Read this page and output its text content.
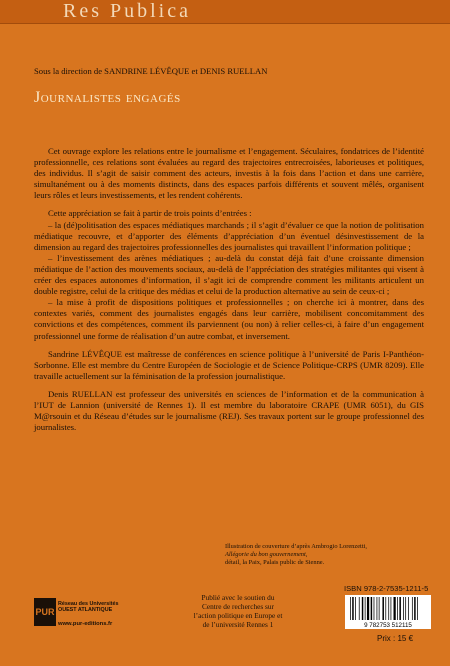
Res Publica
Sous la direction de SANDRINE LÉVÊQUE et DENIS RUELLAN
Journalistes engagés

Cet ouvrage explore les relations entre le journalisme et l’engagement. Séculaires, fondatrices de l’identité professionnelle, ces relations sont évaluées au regard des trajectoires entrecroisées, laborieuses et politiques, des individus. Il s’agit de saisir comment des acteurs, investis à la fois dans l’action et dans une carrière, simultanément ou à des moments distincts, dans des espaces parfois différents et souvent mêlés, organisent leurs rôles et leurs investissements, et les rendent cohérents.

Cette appréciation se fait à partir de trois points d’entrées :

– la (dé)politisation des espaces médiatiques marchands ; il s’agit d’évaluer ce que la notion de politisation médiatique recouvre, et d’apporter des éléments d’appréciation d’un éventuel désinvestissement de la dimension au regard des trajectoires professionnelles des journalistes qui travaillent l’information politique ;

– l’investissement des arènes médiatiques ; au-delà du constat déjà fait d’une croissante dimension médiatique de l’action des mouvements sociaux, au-delà de l’appréciation des stratégies militantes qui visent à créer des espaces autonomes d’information, il s’agit ici de comprendre comment les militants articulent un double registre, celui de la critique des médias et celui de la production alternative au sein de ceux-ci ;

– la mise à profit de dispositions politiques et professionnelles ; on cherche ici à montrer, dans des contextes variés, comment des journalistes engagés dans leur carrière, mobilisent concomitamment des convictions et des compétences, comment ils parviennent (ou non) à relier celles-ci, à faire d’un engagement professionnel une forme de réalisation d’un autre combat, et inversement.

Sandrine LÉVÊQUE est maîtresse de conférences en science politique à l’université de Paris I-Panthéon-Sorbonne. Elle est membre du Centre Européen de Sociologie et de Science Politique-CRPS (UMR 8209). Elle travaille actuellement sur la féminisation de la profession journalistique.

Denis RUELLAN est professeur des universités en sciences de l’information et de la communication à l’IUT de Lannion (université de Rennes 1). Il est membre du laboratoire CRAPE (UMR 6051), du GIS M@rsouin et du Réseau d’études sur le journalisme (REJ). Ses travaux portent sur le groupe professionnel des journalistes.

Illustration de couverture d’après Ambrogio Lorenzetti,
Allégorie du bon gouvernement,
détail, la Paix, Palais public de Sienne.
PUR
Réseau des Universités
OUEST ATLANTIQUE
www.pur-editions.fr
Publié avec le soutien du
Centre de recherches sur
l’action politique en Europe et
de l’université Rennes 1
ISBN 978-2-7535-1211-5
9 782753 512115
Prix : 15 €
